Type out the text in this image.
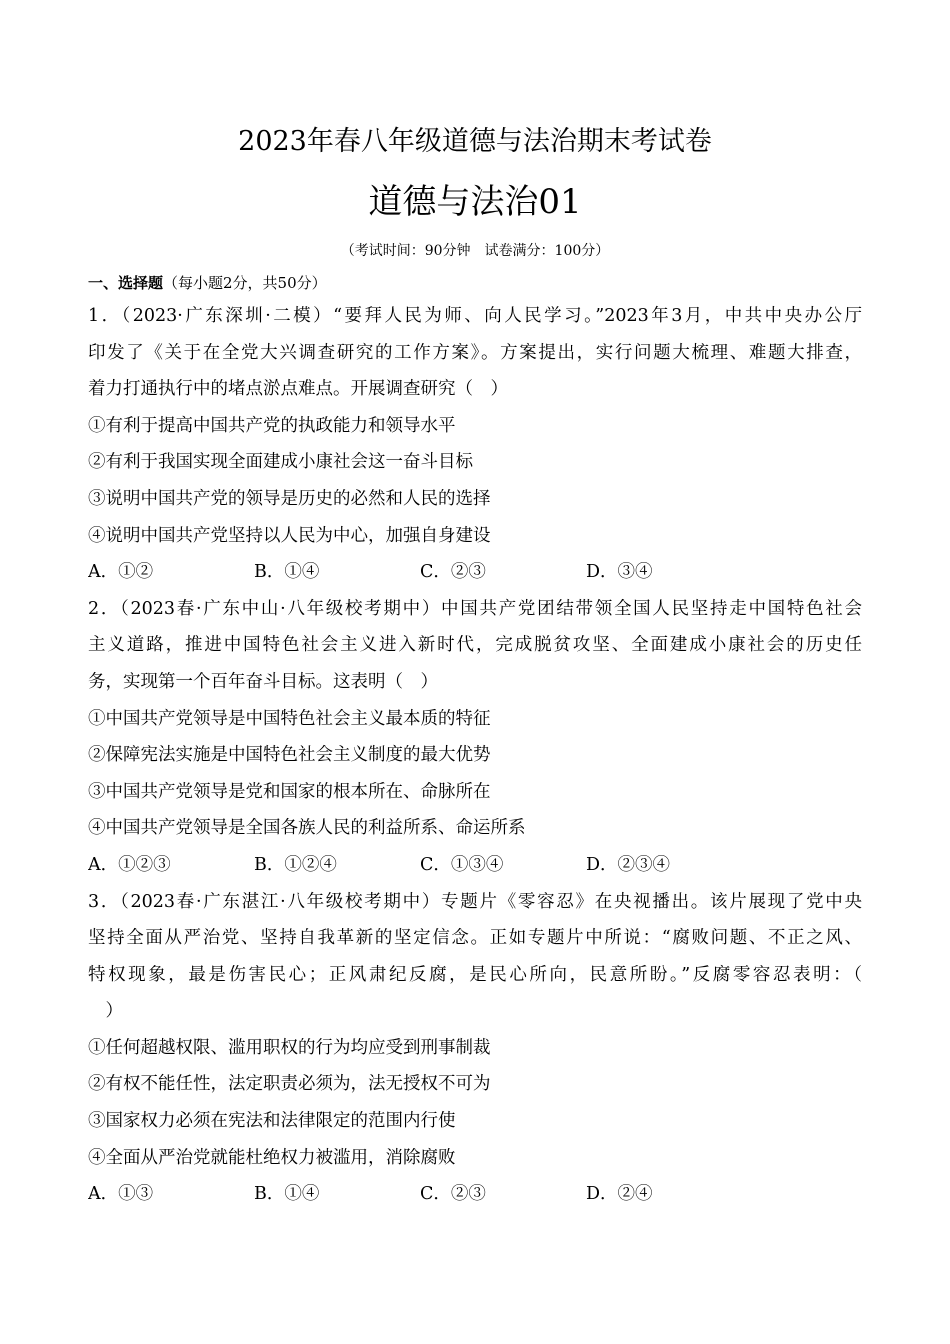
2023年春八年级道德与法治期末考试卷
道德与法治01
（考试时间：90分钟　试卷满分：100分）
一、选择题（每小题2分，共50分）
1．（2023·广东深圳·二模）“要拜人民为师、向人民学习。”2023年3月，中共中央办公厅
印发了《关于在全党大兴调查研究的工作方案》。方案提出，实行问题大梳理、难题大排查，
着力打通执行中的堵点淤点难点。开展调查研究（　）
①有利于提高中国共产党的执政能力和领导水平
②有利于我国实现全面建成小康社会这一奋斗目标
③说明中国共产党的领导是历史的必然和人民的选择
④说明中国共产党坚持以人民为中心，加强自身建设
A．①②	B．①④	C．②③	D．③④
2．（2023春·广东中山·八年级校考期中）中国共产党团结带领全国人民坚持走中国特色社会
主义道路，推进中国特色社会主义进入新时代，完成脱贫攻坚、全面建成小康社会的历史任
务，实现第一个百年奋斗目标。这表明（　）
①中国共产党领导是中国特色社会主义最本质的特征
②保障宪法实施是中国特色社会主义制度的最大优势
③中国共产党领导是党和国家的根本所在、命脉所在
④中国共产党领导是全国各族人民的利益所系、命运所系
A．①②③	B．①②④	C．①③④	D．②③④
3．（2023春·广东湛江·八年级校考期中）专题片《零容忍》在央视播出。该片展现了党中央
坚持全面从严治党、坚持自我革新的坚定信念。正如专题片中所说：“腐败问题、不正之风、
特权现象，最是伤害民心；正风肃纪反腐，是民心所向，民意所盼。”反腐零容忍表明：（
　）
①任何超越权限、滥用职权的行为均应受到刑事制裁
②有权不能任性，法定职责必须为，法无授权不可为
③国家权力必须在宪法和法律限定的范围内行使
④全面从严治党就能杜绝权力被滥用，消除腐败
A．①③	B．①④	C．②③	D．②④
